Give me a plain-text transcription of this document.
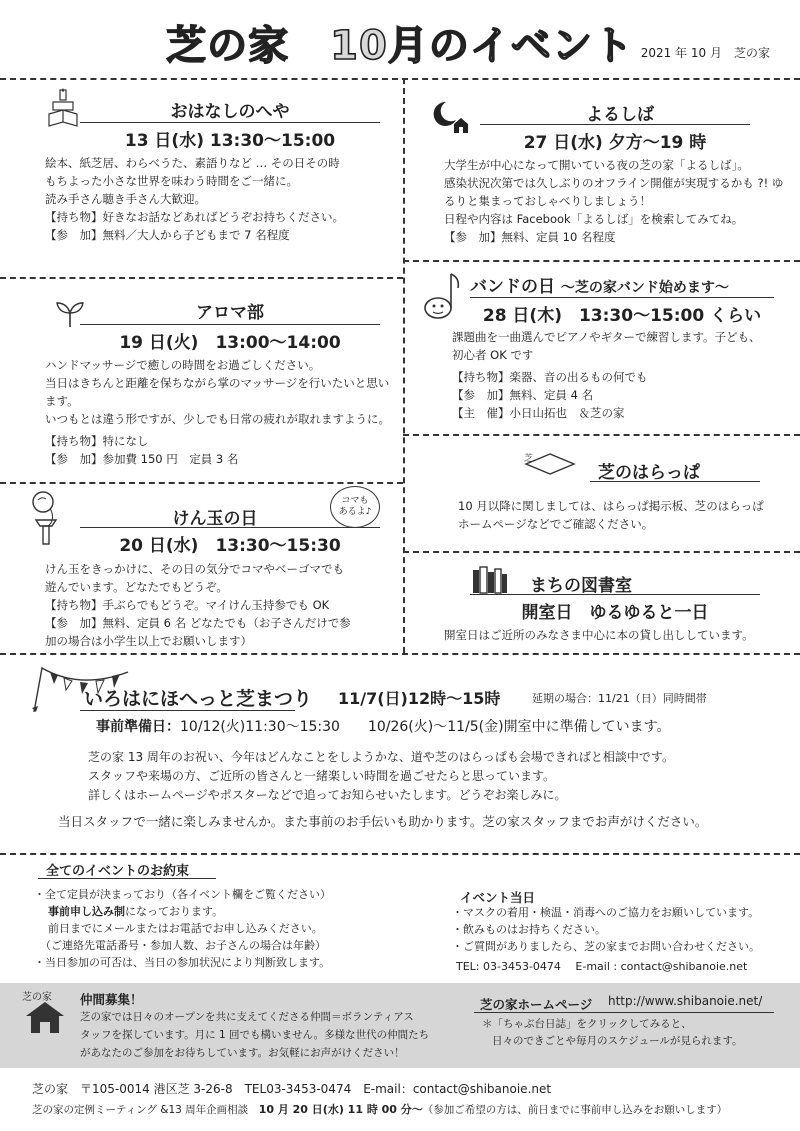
芝の家　10月のイベント 2021 年 10 月　芝の家
おはなしのへや
13 日(水) 13:30〜15:00
絵本、紙芝居、わらべうた、素語りなど … その日その時
もちよった小さな世界を味わう時間をご一緒に。
読み手さん聴き手さん大歓迎。
【持ち物】好きなお話などあればどうぞお持ちください。
【参　加】無料／大人から子どもまで 7 名程度
よるしば
27 日(水) 夕方〜19 時
大学生が中心になって開いている夜の芝の家「よるしば」。
感染状況次第では久しぶりのオフライン開催が実現するかも ?! ゆるりと集まっておしゃべりしましょう！
日程や内容は Facebook「よるしば」を検索してみてね。
【参　加】無料、定員 10 名程度
アロマ部
19 日(火)　13:00〜14:00
ハンドマッサージで癒しの時間をお過ごしください。
当日はきちんと距離を保ちながら掌のマッサージを行いたいと思います。
いつもとは違う形ですが、少しでも日常の疲れが取れますように。
【持ち物】特になし
【参　加】参加費 150 円　定員 3 名
バンドの日 〜芝の家バンド始めます〜
28 日(木)　13:30〜15:00 くらい
課題曲を一曲選んでピアノやギターで練習します。子ども、
初心者 OK です
【持ち物】楽器、音の出るもの何でも
【参　加】無料、定員 4 名
【主　催】小日山拓也　＆芝の家
芝
芝のはらっぱ
10 月以降に関しましては、はらっぱ掲示板、芝のはらっぱ
ホームページなどでご確認ください。
けん玉の日
20 日(水)　13:30〜15:30
コマも あるよ♪
けん玉をきっかけに、その日の気分でコマやベーゴマでも
遊んでいます。どなたでもどうぞ。
【持ち物】手ぶらでもどうぞ。マイけん玉持参でも OK
【参　加】無料、定員 6 名 どなたでも（お子さんだけで参
加の場合は小学生以上でお願いします）
まちの図書室
開室日　ゆるゆると一日
開室日はご近所のみなさま中心に本の貸し出ししています。
いろはにほへっと芝まつり 11/7(日)12時〜15時	延期の場合：11/21（日）同時間帯
事前準備日：10/12(火)11:30〜15:30　　10/26(火)〜11/5(金)開室中に準備しています。
芝の家 13 周年のお祝い、今年はどんなことをしようかな、道や芝のはらっぱも会場できればと相談中です。
スタッフや来場の方、ご近所の皆さんと一緒楽しい時間を過ごせたらと思っています。
詳しくはホームページやポスターなどで追ってお知らせいたします。どうぞお楽しみに。
当日スタッフで一緒に楽しみませんか。また事前のお手伝いも助かります。芝の家スタッフまでお声がけください。
全てのイベントのお約束
・全て定員が決まっており（各イベント欄をご覧ください）
事前申し込み制になっております。
前日までにメールまたはお電話でお申し込みください。
（ご連絡先電話番号・参加人数、お子さんの場合は年齢）
・当日参加の可否は、当日の参加状況により判断致します。
イベント当日
・マスクの着用・検温・消毒へのご協力をお願いしています。
・飲みものはお持ちください。
・ご質問がありましたら、芝の家までお問い合わせください。
TEL: 03-3453-0474　 E-mail : contact@shibanoie.net
芝の家 仲間募集！
芝の家では日々のオープンを共に支えてくださる仲間＝ボランティアス
タッフを探しています。月に 1 回でも構いません。多様な世代の仲間たち
があなたのご参加をお待ちしています。お気軽にお声がけください！
芝の家ホームページ http://www.shibanoie.net/
＊「ちゃぶ台日誌」をクリックしてみると、
日々のできごとや毎月のスケジュールが見られます。
芝の家　〒105-0014 港区芝 3-26-8　TEL03-3453-0474　E-mail：contact@shibanoie.net
芝の家の定例ミーティング &13 周年企画相談　10 月 20 日(水) 11 時 00 分〜（参加ご希望の方は、前日までに事前申し込みをお願いします）
